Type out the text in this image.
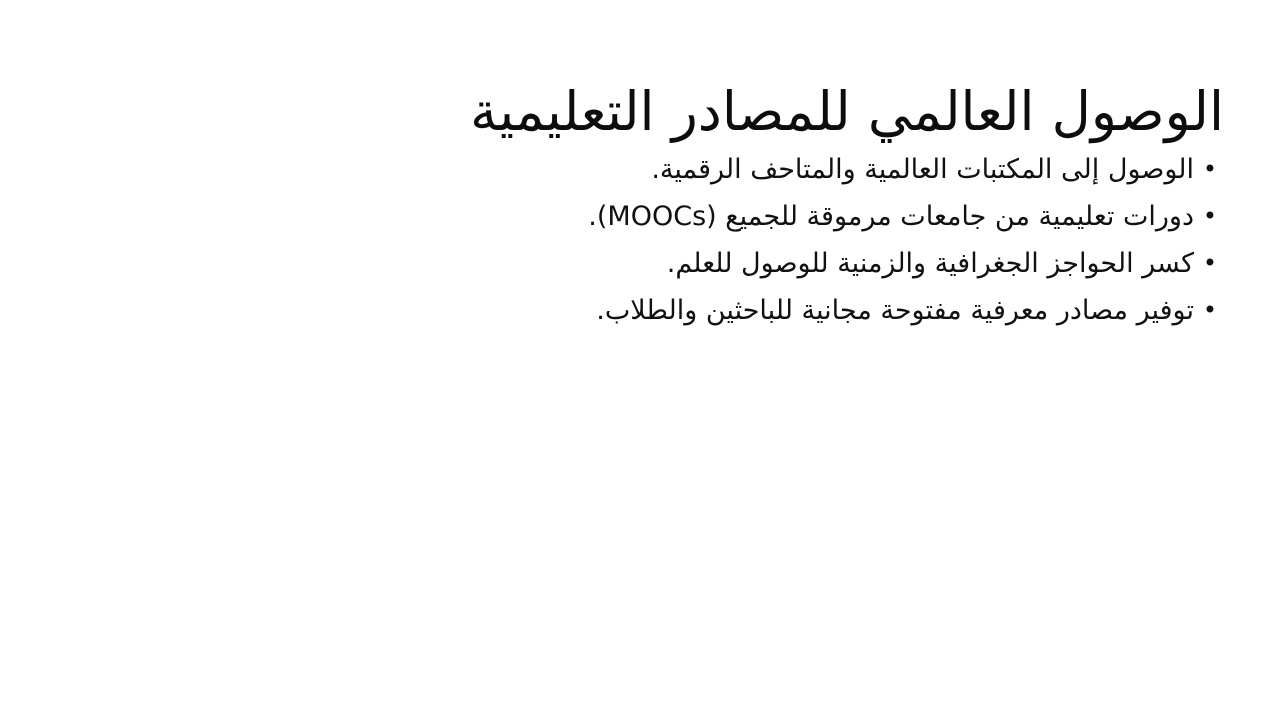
الوصول العالمي للمصادر التعليمية
•
الوصول إلى المكتبات العالمية والمتاحف الرقمية.
•
دورات تعليمية من جامعات مرموقة للجميع (MOOCs).
•
كسر الحواجز الجغرافية والزمنية للوصول للعلم.
•
توفير مصادر معرفية مفتوحة مجانية للباحثين والطلاب.
